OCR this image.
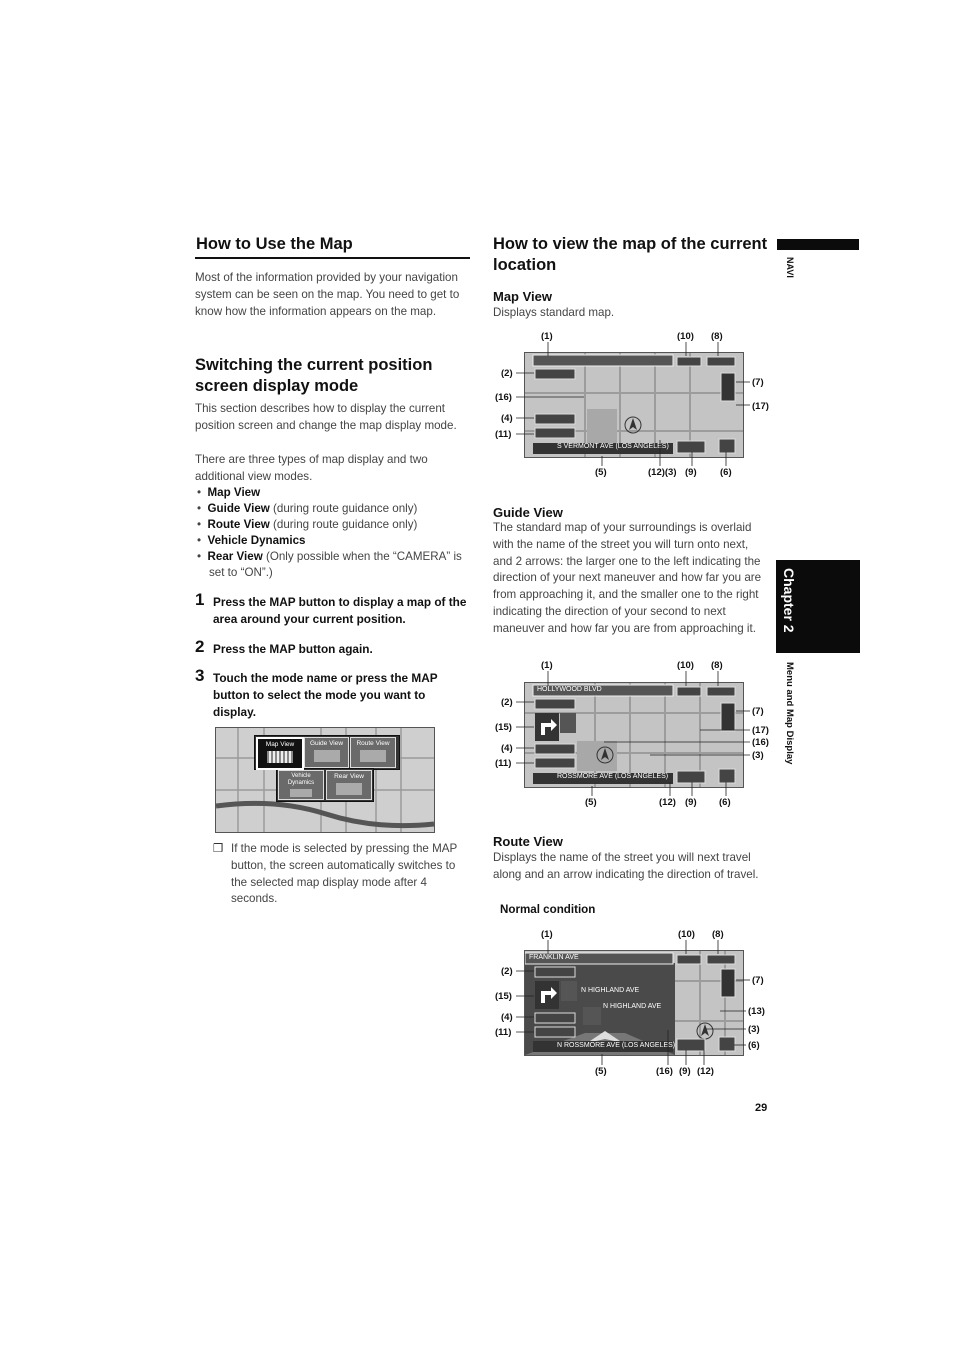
How to Use the Map
Most of the information provided by your navigation system can be seen on the map. You need to get to know how the information appears on the map.
Switching the current position screen display mode
This section describes how to display the current position screen and change the map display mode.
There are three types of map display and two additional view modes.
•  Map View
•  Guide View (during route guidance only)
•  Route View (during route guidance only)
•  Vehicle Dynamics
•  Rear View (Only possible when the “CAMERA” is set to “ON”.)
1 Press the MAP button to display a map of the area around your current position.
2 Press the MAP button again.
3 Touch the mode name or press the MAP button to select the mode you want to display.
Map View	Guide View	Route View
Vehicle Dynamics
Rear View
❒ If the mode is selected by pressing the MAP button, the screen automatically switches to the selected map display mode after 4 seconds.
How to view the map of the current location
Map View
Displays standard map.
S VERMONT AVE (LOS ANGELES)
(1)	(10) (8)
(2)
(16)
(4)
(11)
(7)
(17)
(5)	(12)(3) (9) (6)
Guide View
The standard map of your surroundings is overlaid with the name of the street you will turn onto next, and 2 arrows: the larger one to the left indicating the direction of your next maneuver and how far you are from approaching it, and the smaller one to the right indicating the direction of your second to next maneuver and how far you are from approaching it.
HOLLYWOOD BLVD
ROSSMORE AVE (LOS ANGELES)
(1)	(10) (8)
(2)
(15)
(4)
(11)
(7)
(17)
(16)
(3)
(5)	(12) (9) (6)
Route View
Displays the name of the street you will next travel along and an arrow indicating the direction of travel.
Normal condition
FRANKLIN AVE
N HIGHLAND AVE
N HIGHLAND AVE
N ROSSMORE AVE (LOS ANGELES)
(1)	(10) (8)
(2)
(15)
(4)
(11)
(7)
(13)
(3)
(6)
(5)	(16) (9) (12)
NAVI
Chapter 2
Menu and Map Display
29
